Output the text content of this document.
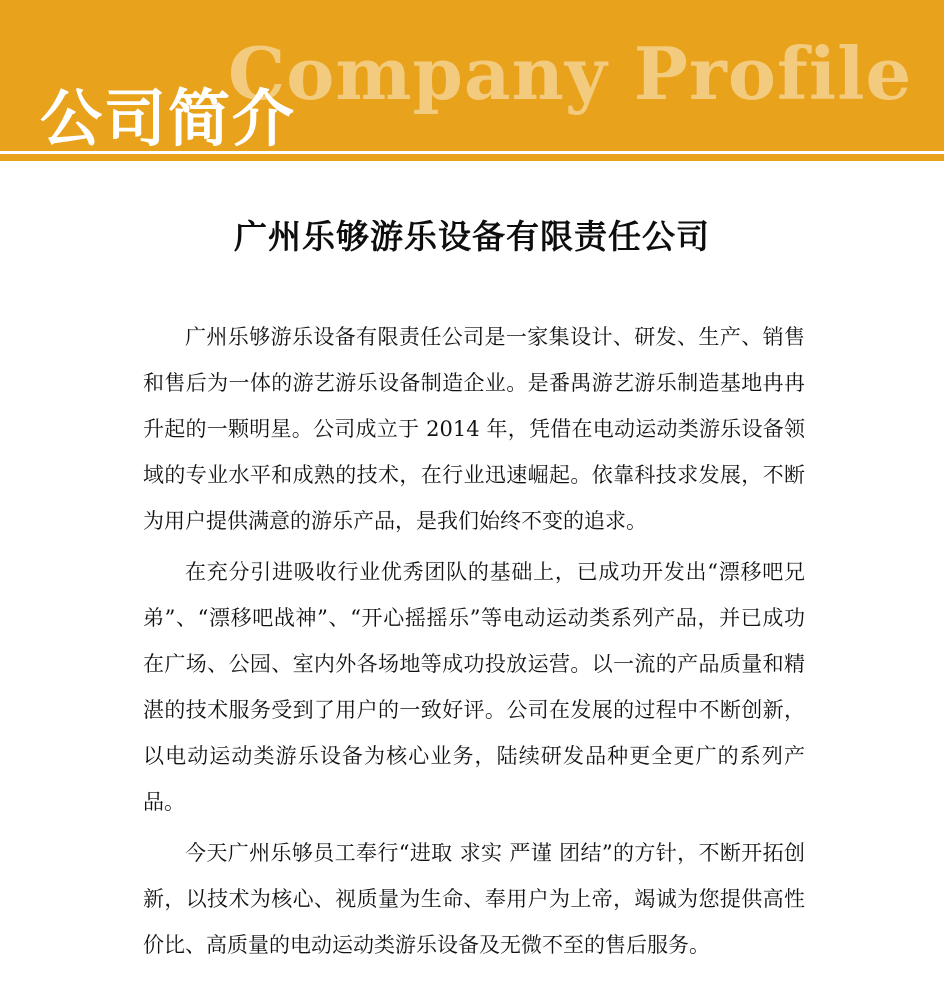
Company Profile
公司简介
广州乐够游乐设备有限责任公司

广州乐够游乐设备有限责任公司是一家集设计、研发、生产、销售和售后为一体的游艺游乐设备制造企业。是番禺游艺游乐制造基地冉冉升起的一颗明星。公司成立于 2014 年，凭借在电动运动类游乐设备领域的专业水平和成熟的技术，在行业迅速崛起。依靠科技求发展，不断为用户提供满意的游乐产品，是我们始终不变的追求。

在充分引进吸收行业优秀团队的基础上，已成功开发出“漂移吧兄弟”、“漂移吧战神”、“开心摇摇乐”等电动运动类系列产品，并已成功在广场、公园、室内外各场地等成功投放运营。以一流的产品质量和精湛的技术服务受到了用户的一致好评。公司在发展的过程中不断创新，以电动运动类游乐设备为核心业务，陆续研发品种更全更广的系列产品。

今天广州乐够员工奉行“进取 求实 严谨 团结”的方针，不断开拓创新，以技术为核心、视质量为生命、奉用户为上帝，竭诚为您提供高性价比、高质量的电动运动类游乐设备及无微不至的售后服务。
